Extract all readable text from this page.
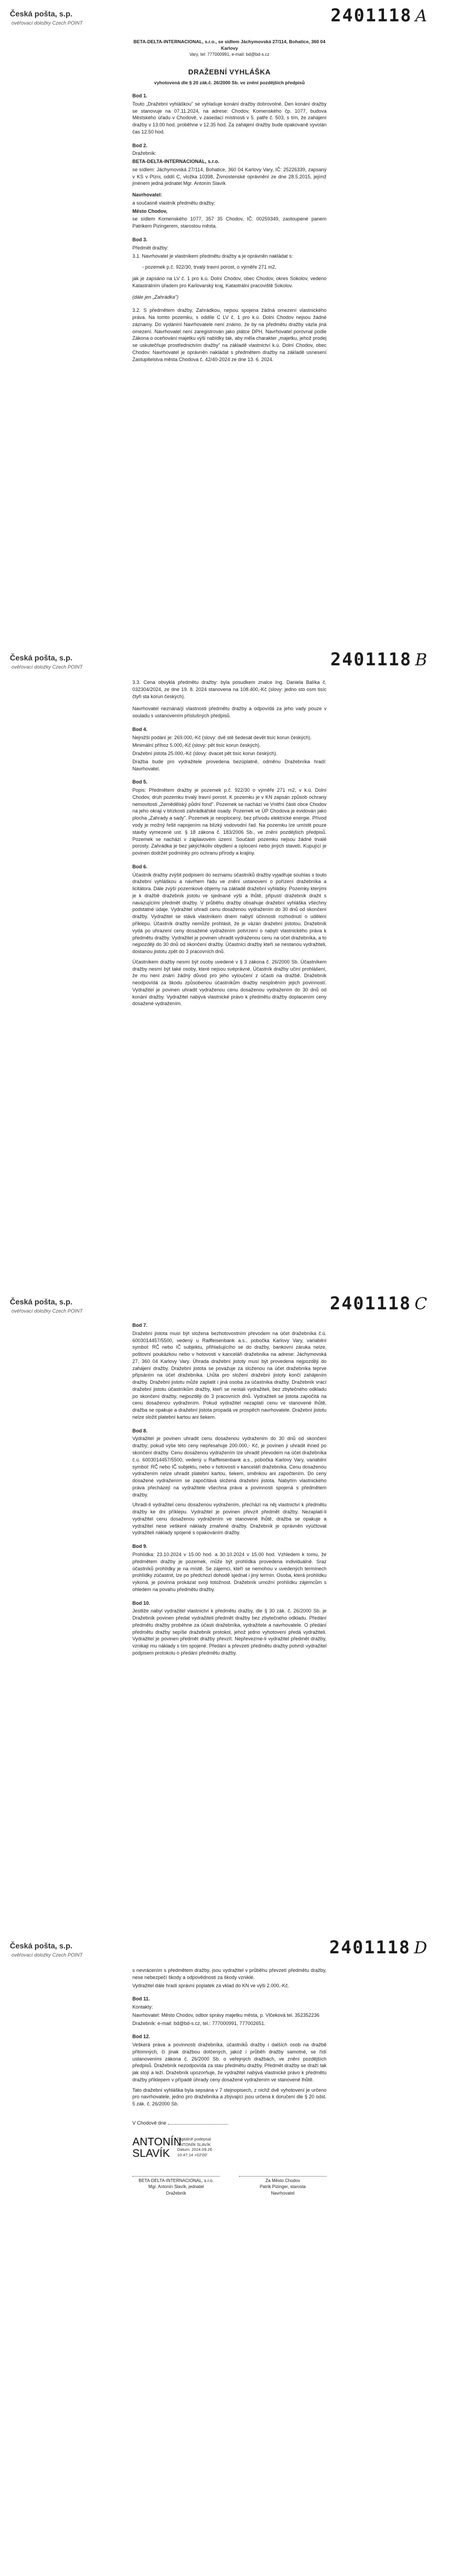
Česká pošta, s.p.
ověřovací doložky Czech POINT	2401118 A
BETA-DELTA-INTERNACIONAL, s.r.o., se sídlem Jáchymovská 27/114, Bohatice, 360 04 Karlovy
Vary, tel: 777000991, e-mail: bd@bd-s.cz
DRAŽEBNÍ VYHLÁŠKA
vyhotovená dle § 20 zák.č. 26/2000 Sb. ve znění pozdějších předpisů
Bod 1.
Touto „Dražební vyhláškou" se vyhlašuje konání dražby dobrovolné. Den konání dražby se stanovuje na 07.11.2024, na adrese: Chodov, Komenského čp. 1077, budova Městského úřadu v Chodově, v zasedací místnosti v 5. patře č. 503, s tím, že zahájení dražby v 13.00 hod. proběhne v 12.35 hod. Za zahájení dražby bude opakovaně vyvolán čas 12.50 hod.
Bod 2.
Dražebník:
BETA-DELTA-INTERNACIONAL, s.r.o.
se sídlem: Jáchymovská 27/114, Bohatice, 360 04 Karlovy Vary, IČ: 25226339, zapsaný v KS v Plzni, oddíl C, vložka 10398, Živnostenské oprávnění ze dne 28.5.2015, jejímž jménem jedná jednatel Mgr. Antonín Slavík
Navrhovatel:
a současně vlastník předmětu dražby:
Město Chodov,
se sídlem Komenského 1077, 357 35 Chodov, IČ: 00259349, zastoupené panem Patrikem Pizingerem, starostou města.
Bod 3.
Předmět dražby:
3.1. Navrhovatel je vlastníkem předmětu dražby a je oprávněn nakládat s:
- pozemek p.č. 922/30, trvalý travní porost, o výměře 271 m2,
jak je zapsáno na LV č. 1 pro k.ú. Dolní Chodov, obec Chodov, okres Sokolov, vedeno Katastrálním úřadem pro Karlovarský kraj, Katastrální pracoviště Sokolov.
(dále jen „Zahrádka")
3.2. S předmětem dražby, Zahrádkou, nejsou spojena žádná omezení vlastnického práva. Na tomto pozemku, s oddíle C LV č. 1 pro k.ú. Dolní Chodov nejsou žádné záznamy. Do vydáníní Navrhovatele není známo, že by na předmětu dražby vázla jiná omezení. Navrhovatel není zaregistrován jako plátce DPH. Navrhovatel porovnal podle Zákona o oceňování majetku výši nabídky tak, aby měla charakter „majetku, jehož prodej se uskutečňuje prostřednictvím dražby" na základě vlastnictví k.ú. Dolní Chodov, obec Chodov. Navrhovatel je oprávněn nakládat s předmětem dražby na základě usnesení Zastupitelstva města Chodova č. 42/40-2024 ze dne 13. 6. 2024.
Česká pošta, s.p.
ověřovací doložky Czech POINT	2401118 B
3.3. Cena obvyklá předmětu dražby: byla posudkem znalce Ing. Daniela Balíka č. 032304/2024, ze dne 19. 8. 2024 stanovena na 108.400,-Kč (slovy: jedno sto osm tisíc čtyři sta korun českých).
Navrhovatel neznáná/jí vlastnosti předmětu dražby a odpovídá za jeho vady pouze v souladu s ustanovením příslušných předpisů.
Bod 4.
Nejnižší podání je: 269.000,-Kč (slovy: dvě stě šedesát devět tisíc korun českých).
Minimální příhoz 5.000,-Kč (slovy: pět tisíc korun českých).
Dražební jistota 25.000,-Kč (slovy: dvacet pět tisíc korun českých).
Dražba bude pro vydražitele provedena bezúplatně, odměnu Dražebníka hradí: Navrhovatel.
Bod 5.
Popis: Předmětem dražby je pozemek p.č. 922/30 o výměře 271 m2, v k.ú. Dolní Chodov, druh pozemku trvalý travní porost. K pozemku je v KN zapsán způsob ochrany nemovitosti „Zemědělský půdní fond". Pozemek se nachází ve Vnitřní části obce Chodov na jeho okraji v blízkosti zahrádkářské osady. Pozemek ve ÚP Chodova je evidován jako plocha „Zahrady a sady". Pozemek je neoplocený, bez přívodu elektrické energie. Přívod vody je možný řešit napojením na blízký vodovodní řad. Na pozemku lze umístit pouze stavby vymezené ust. § 18 zákona č. 183/2006 Sb., ve znění pozdějších předpisů. Pozemek se nachází v záplavovém území. Součástí pozemku nejsou žádné trvalé porosty. Zahrádka je bez jakýchkoliv obydlení a oplocení nebo jiných staveb. Kupující je povinen dodržet podmínky pro ochranu přírody a krajiny.
Bod 6.
Účastník dražby zvýšit podpisem do seznamu účastníků dražby vyjadřuje souhlas s touto dražební vyhláškou a návrhem řádu ve znění ustanovení o pořízení dražebníka a licitátora. Dále zvýší pozemkové objemy na základě dražební vyhlášky. Pozemky kterými je k dražbě dražebník jistotu ve sjednané výši a lhůtě, připustí dražebník dražit s navazujícími předmět dražby. V průběhu dražby obsahuje dražební vyhláška všechny podstatné údaje. Vydražitel uhradí cenu dosaženou vydražením do 30 dnů od skončení dražby. Vydražitel se stává vlastníkem dnem nabytí účinnosti rozhodnutí o udělení příklepu. Účastník dražby nemůže prohlásit, že je vázán dražební jistotou. Dražebník vydá po uhrazení ceny dosažené vydražením potvrzení o nabytí vlastnického práva k předmětu dražby. Vydražitel je povinen uhradit vydraženou cenu na účet dražebníka, a to nejpozději do 30 dnů od skončení dražby. Účastníci dražby kteří se nestanou vydražiteli, dostanou jistotu zpět do 3 pracovních dnů.
Účastníkem dražby nesmí být osoby uvedené v § 3 zákona č. 26/2000 Sb. Účastníkem dražby nesmí být také osoby, které nejsou svéprávné. Účastník dražby učiní prohlášení, že mu není znám žádný důvod pro jeho vyloučení z účasti na dražbě. Dražebník neodpovídá za škodu způsobenou účastníkům dražby nesplněním jejich povinností. Vydražitel je povinen uhradit vydraženou cenu dosaženou vydražením do 30 dnů od konání dražby. Vydražitel nabývá vlastnické právo k předmětu dražby doplacením ceny dosažené vydražením.
Česká pošta, s.p.
ověřovací doložky Czech POINT	2401118 C
Bod 7.
Dražební jistota musí být složena bezhotovostním převodem na účet dražebníka č.ú. 6003014457/5500, vedený u Raiffeisenbank a.s., pobočka Karlovy Vary, variabilní symbol: RČ nebo IČ subjektu, přihlašujícího se do dražby, bankovní záruka nelze, poštovní poukázkou nebo v hotovosti v kanceláři dražebníka na adrese: Jáchymovská 27, 360 04 Karlovy Vary. Úhrada dražební jistoty musí být provedena nejpozději do zahájení dražby. Dražební jistota se považuje za složenou na účet dražebníka teprve připsáním na účet dražebníka. Lhůta pro složení dražební jistoty končí zahájením dražby. Dražební jistotu může zaplatit i jiná osoba za účastníka dražby. Dražebník vrací dražební jistotu účastníkům dražby, kteří se nestali vydražiteli, bez zbytečného odkladu po skončení dražby, nejpozději do 3 pracovních dnů. Vydražiteli se jistota započítá na cenu dosaženou vydražením. Pokud vydražitel nezaplatí cenu ve stanovené lhůtě, dražba se opakuje a dražební jistota propadá ve prospěch navrhovatele. Dražební jistotu nelze složit platební kartou ani šekem.
Bod 8.
Vydražitel je povinen uhradit cenu dosaženou vydražením do 30 dnů od skončení dražby; pokud výše této ceny nepřesahuje 200.000,- Kč, je povinen ji uhradit ihned po skončení dražby. Cenu dosaženou vydražením lze uhradit převodem na účet dražebníka č.ú. 6003014457/5500, vedený u Raiffeisenbank a.s., pobočka Karlovy Vary, variabilní symbol: RČ nebo IČ subjektu, nebo v hotovosti v kanceláři dražebníka. Cenu dosaženou vydražením nelze uhradit platební kartou, šekem, směnkou ani započtením. Do ceny dosažené vydražením se započítává složená dražební jistota. Nabytím vlastnického práva přecházejí na vydražitele všechna práva a povinnosti spojená s předmětem dražby.
Uhradí-li vydražitel cenu dosaženou vydražením, přechází na něj vlastnictví k předmětu dražby ke dni příklepu. Vydražitel je povinen převzít předmět dražby. Nezaplatí-li vydražitel cenu dosaženou vydražením ve stanovené lhůtě, dražba se opakuje a vydražitel nese veškeré náklady zmařené dražby. Dražebník je oprávněn vyúčtovat vydražiteli náklady spojené s opakováním dražby.
Bod 9.
Prohlídka: 23.10.2024 v 15.00 hod. a 30.10.2024 v 15.00 hod. Vzhledem k tomu, že předmětem dražby je pozemek, může být prohlídka provedena individuálně. Sraz účastníků prohlídky je na místě. Se zájemci, kteří se nemohou v uvedených termínech prohlídky zúčastnit, lze po předchozí dohodě sjednat i jiný termín. Osoba, která prohlídku vykoná, je povinna prokázat svoji totožnost. Dražebník umožní prohlídku zájemcům s ohledem na povahu předmětu dražby.
Bod 10.
Jestliže nabyl vydražitel vlastnictví k předmětu dražby, dle § 30 zák. č. 26/2000 Sb. je Dražebník povinen předat vydražiteli předmět dražby bez zbytečného odkladu. Předání předmětu dražby proběhne za účasti dražebníka, vydražitele a navrhovatele. O předání předmětu dražby sepíše dražebník protokol, jehož jedno vyhotovení předá vydražiteli. Vydražitel je povinen předmět dražby převzít. Nepřevezme-li vydražitel předmět dražby, vznikají mu náklady s tím spojené. Předání a převzetí předmětu dražby potvrdí vydražitel podpisem protokolu o předání předmětu dražby.
Česká pošta, s.p.
ověřovací doložky Czech POINT	2401118 D
s nevrácením s předmětem dražby, jsou vydražitel v průběhu převzetí předmětu dražby, nese nebezpečí škody a odpovědnosti za škody vzniklé.
Vydražitel dále hradí správní poplatek za vklad do KN ve výši 2.000,-Kč.
Bod 11.
Kontakty:
Navrhovatel: Město Chodov, odbor správy majetku města, p. Vlčeková tel. 352352236
Dražebník: e-mail: bd@bd-s.cz, tel.: 777000991, 777002651.
Bod 12.
Veškerá práva a povinnosti dražebníka, účastníků dražby i dalších osob na dražbě přítomných, či jinak dražbou dotčených, jakož i průběh dražby samotné, se řídí ustanoveními zákona č. 26/2000 Sb. o veřejných dražbách, ve znění pozdějších předpisů. Dražebník nezodpovídá za stav předmětu dražby. Předmět dražby se draží tak jak stojí a leží. Dražebník upozorňuje, že vydražitel nabývá vlastnické právo k předmětu dražby příklepem v případě úhrady ceny dosažené vydražením ve stanovené lhůtě.
Tato dražební vyhláška byla sepsána v 7 stejnopisech, z nichž dvě vyhotovení je určeno pro navrhovatele, jedno pro dražebníka a zbývající jsou určena k doručení dle § 20 odst. 5 zák. č. 26/2000 Sb.
V Chodově dne
ANTONÍN
SLAVÍK
Digitálně podepsal
ANTONÍN SLAVÍK
Datum: 2024.09.26
10:47:14 +02'00'
BETA-DELTA-INTERNACIONAL, s.r.o.
Mgr. Antonín Slavík, jednatel
Dražebník
Za Město Chodov
Patrik Pizinger, starosta
Navrhovatel
